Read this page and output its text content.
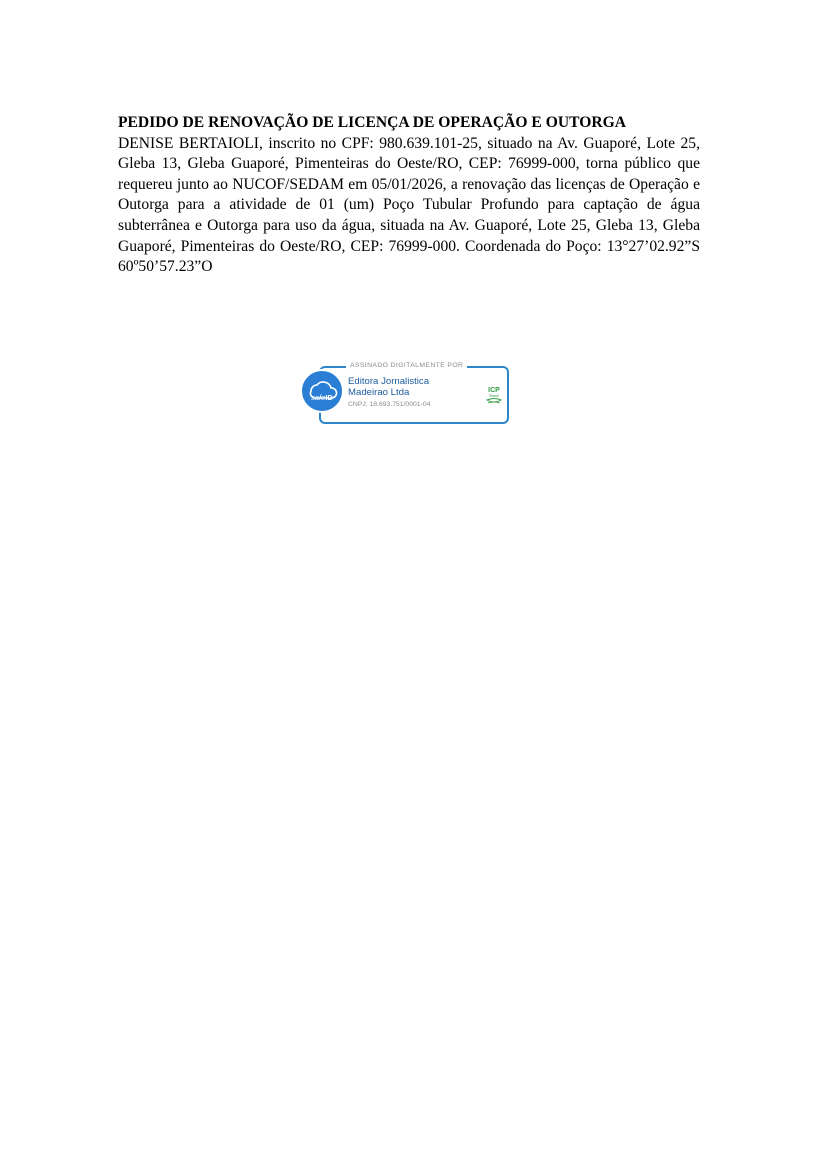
PEDIDO DE RENOVAÇÃO DE LICENÇA DE OPERAÇÃO E OUTORGA

DENISE BERTAIOLI, inscrito no CPF: 980.639.101-25, situado na Av. Guaporé, Lote 25, Gleba 13, Gleba Guaporé, Pimenteiras do Oeste/RO, CEP: 76999-000, torna público que requereu junto ao NUCOF/SEDAM em 05/01/2026, a renovação das licenças de Operação e Outorga para a atividade de 01 (um) Poço Tubular Profundo para captação de água subterrânea e Outorga para uso da água, situada na Av. Guaporé, Lote 25, Gleba 13, Gleba Guaporé, Pimenteiras do Oeste/RO, CEP: 76999-000. Coordenada do Poço: 13°27’02.92”S 60º50’57.23”O

ASSINADO DIGITALMENTE POR
safeID
Editora Jornalistica
Madeirao Ltda
CNPJ: 18.693.751/0001-04
ICP
Brasil
